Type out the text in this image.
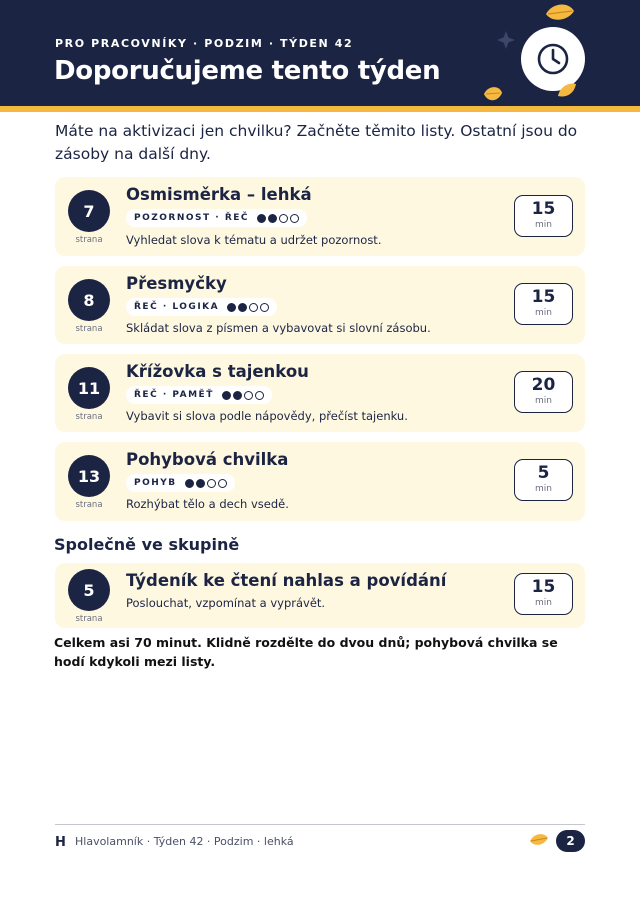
PRO PRACOVNÍKY · PODZIM · TÝDEN 42
Doporučujeme tento týden
Máte na aktivizaci jen chvilku? Začněte těmito listy. Ostatní jsou do zásoby na další dny.
7
strana
Osmisměrka – lehká
POZORNOST · ŘEČ
Vyhledat slova k tématu a udržet pozornost.
15
min
8
strana
Přesmyčky
ŘEČ · LOGIKA
Skládat slova z písmen a vybavovat si slovní zásobu.
15
min
11
strana
Křížovka s tajenkou
ŘEČ · PAMĚŤ
Vybavit si slova podle nápovědy, přečíst tajenku.
20
min
13
strana
Pohybová chvilka
POHYB
Rozhýbat tělo a dech vsedě.
5
min
Společně ve skupině
5
strana
Týdeník ke čtení nahlas a povídání
Poslouchat, vzpomínat a vyprávět.
15
min
Celkem asi 70 minut. Klidně rozdělte do dvou dnů; pohybová chvilka se hodí kdykoli mezi listy.
H Hlavolamník · Týden 42 · Podzim · lehká	2
